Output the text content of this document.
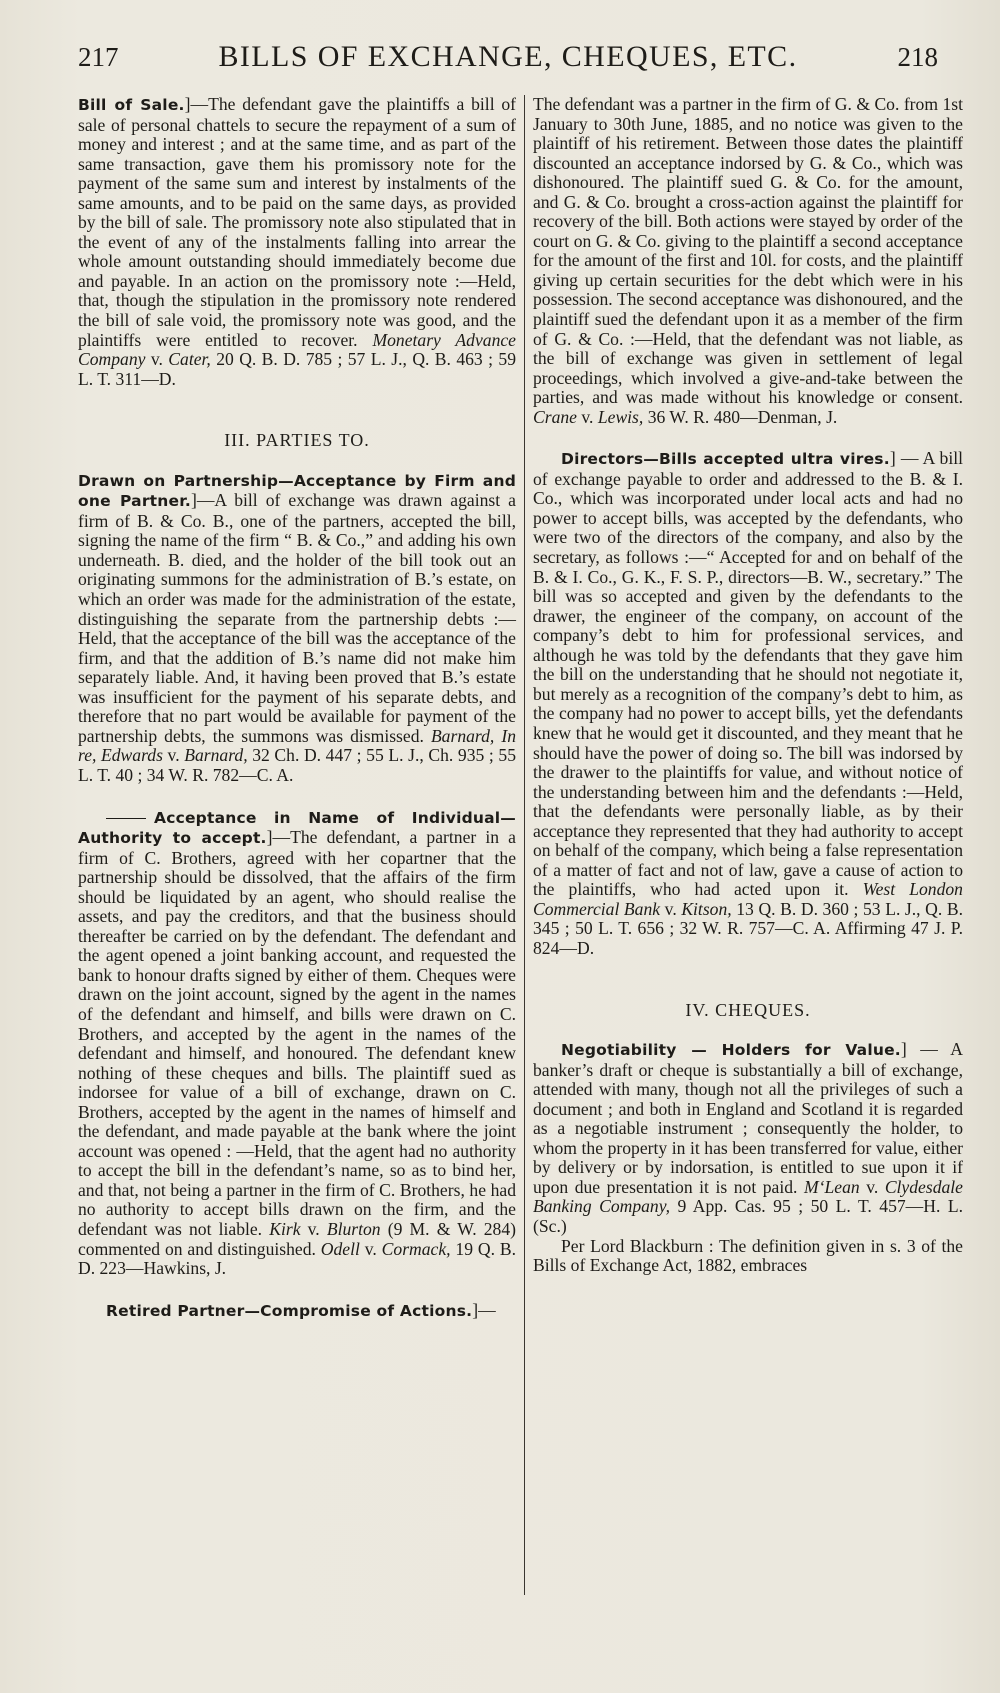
217	BILLS OF EXCHANGE, CHEQUES, ETC.	218

Bill of Sale.]—The defendant gave the plaintiffs a bill of sale of personal chattels to secure the repayment of a sum of money and interest ; and at the same time, and as part of the same transaction, gave them his promissory note for the payment of the same sum and interest by instalments of the same amounts, and to be paid on the same days, as provided by the bill of sale. The promissory note also stipulated that in the event of any of the instalments falling into arrear the whole amount outstanding should immediately become due and payable. In an action on the promissory note :—Held, that, though the stipulation in the promissory note rendered the bill of sale void, the promissory note was good, and the plaintiffs were entitled to recover. Monetary Advance Company v. Cater, 20 Q. B. D. 785 ; 57 L. J., Q. B. 463 ; 59 L. T. 311—D.

III. PARTIES TO.

Drawn on Partnership—Acceptance by Firm and one Partner.]—A bill of exchange was drawn against a firm of B. & Co. B., one of the partners, accepted the bill, signing the name of the firm “ B. & Co.,” and adding his own underneath. B. died, and the holder of the bill took out an originating summons for the administration of B.’s estate, on which an order was made for the administration of the estate, distinguishing the separate from the partnership debts :—Held, that the acceptance of the bill was the acceptance of the firm, and that the addition of B.’s name did not make him separately liable. And, it having been proved that B.’s estate was insufficient for the payment of his separate debts, and therefore that no part would be available for payment of the partnership debts, the summons was dismissed. Barnard, In re, Edwards v. Barnard, 32 Ch. D. 447 ; 55 L. J., Ch. 935 ; 55 L. T. 40 ; 34 W. R. 782—C. A.

Acceptance in Name of Individual—Authority to accept.]—The defendant, a partner in a firm of C. Brothers, agreed with her copartner that the partnership should be dissolved, that the affairs of the firm should be liquidated by an agent, who should realise the assets, and pay the creditors, and that the business should thereafter be carried on by the defendant. The defendant and the agent opened a joint banking account, and requested the bank to honour drafts signed by either of them. Cheques were drawn on the joint account, signed by the agent in the names of the defendant and himself, and bills were drawn on C. Brothers, and accepted by the agent in the names of the defendant and himself, and honoured. The defendant knew nothing of these cheques and bills. The plaintiff sued as indorsee for value of a bill of exchange, drawn on C. Brothers, accepted by the agent in the names of himself and the defendant, and made payable at the bank where the joint account was opened : —Held, that the agent had no authority to accept the bill in the defendant’s name, so as to bind her, and that, not being a partner in the firm of C. Brothers, he had no authority to accept bills drawn on the firm, and the defendant was not liable. Kirk v. Blurton (9 M. & W. 284) commented on and distinguished. Odell v. Cormack, 19 Q. B. D. 223—Hawkins, J.

Retired Partner—Compromise of Actions.]—

The defendant was a partner in the firm of G. & Co. from 1st January to 30th June, 1885, and no notice was given to the plaintiff of his retirement. Between those dates the plaintiff discounted an acceptance indorsed by G. & Co., which was dishonoured. The plaintiff sued G. & Co. for the amount, and G. & Co. brought a cross-action against the plaintiff for recovery of the bill. Both actions were stayed by order of the court on G. & Co. giving to the plaintiff a second acceptance for the amount of the first and 10l. for costs, and the plaintiff giving up certain securities for the debt which were in his possession. The second acceptance was dishonoured, and the plaintiff sued the defendant upon it as a member of the firm of G. & Co. :—Held, that the defendant was not liable, as the bill of exchange was given in settlement of legal proceedings, which involved a give-and-take between the parties, and was made without his knowledge or consent. Crane v. Lewis, 36 W. R. 480—Denman, J.

Directors—Bills accepted ultra vires.] — A bill of exchange payable to order and addressed to the B. & I. Co., which was incorporated under local acts and had no power to accept bills, was accepted by the defendants, who were two of the directors of the company, and also by the secretary, as follows :—“ Accepted for and on behalf of the B. & I. Co., G. K., F. S. P., directors—B. W., secretary.” The bill was so accepted and given by the defendants to the drawer, the engineer of the company, on account of the company’s debt to him for professional services, and although he was told by the defendants that they gave him the bill on the understanding that he should not negotiate it, but merely as a recognition of the company’s debt to him, as the company had no power to accept bills, yet the defendants knew that he would get it discounted, and they meant that he should have the power of doing so. The bill was indorsed by the drawer to the plaintiffs for value, and without notice of the understanding between him and the defendants :—Held, that the defendants were personally liable, as by their acceptance they represented that they had authority to accept on behalf of the company, which being a false representation of a matter of fact and not of law, gave a cause of action to the plaintiffs, who had acted upon it. West London Commercial Bank v. Kitson, 13 Q. B. D. 360 ; 53 L. J., Q. B. 345 ; 50 L. T. 656 ; 32 W. R. 757—C. A. Affirming 47 J. P. 824—D.

IV. CHEQUES.

Negotiability — Holders for Value.] — A banker’s draft or cheque is substantially a bill of exchange, attended with many, though not all the privileges of such a document ; and both in England and Scotland it is regarded as a negotiable instrument ; consequently the holder, to whom the property in it has been transferred for value, either by delivery or by indorsation, is entitled to sue upon it if upon due presentation it is not paid. M‘Lean v. Clydesdale Banking Company, 9 App. Cas. 95 ; 50 L. T. 457—H. L. (Sc.)

Per Lord Blackburn : The definition given in s. 3 of the Bills of Exchange Act, 1882, embraces
